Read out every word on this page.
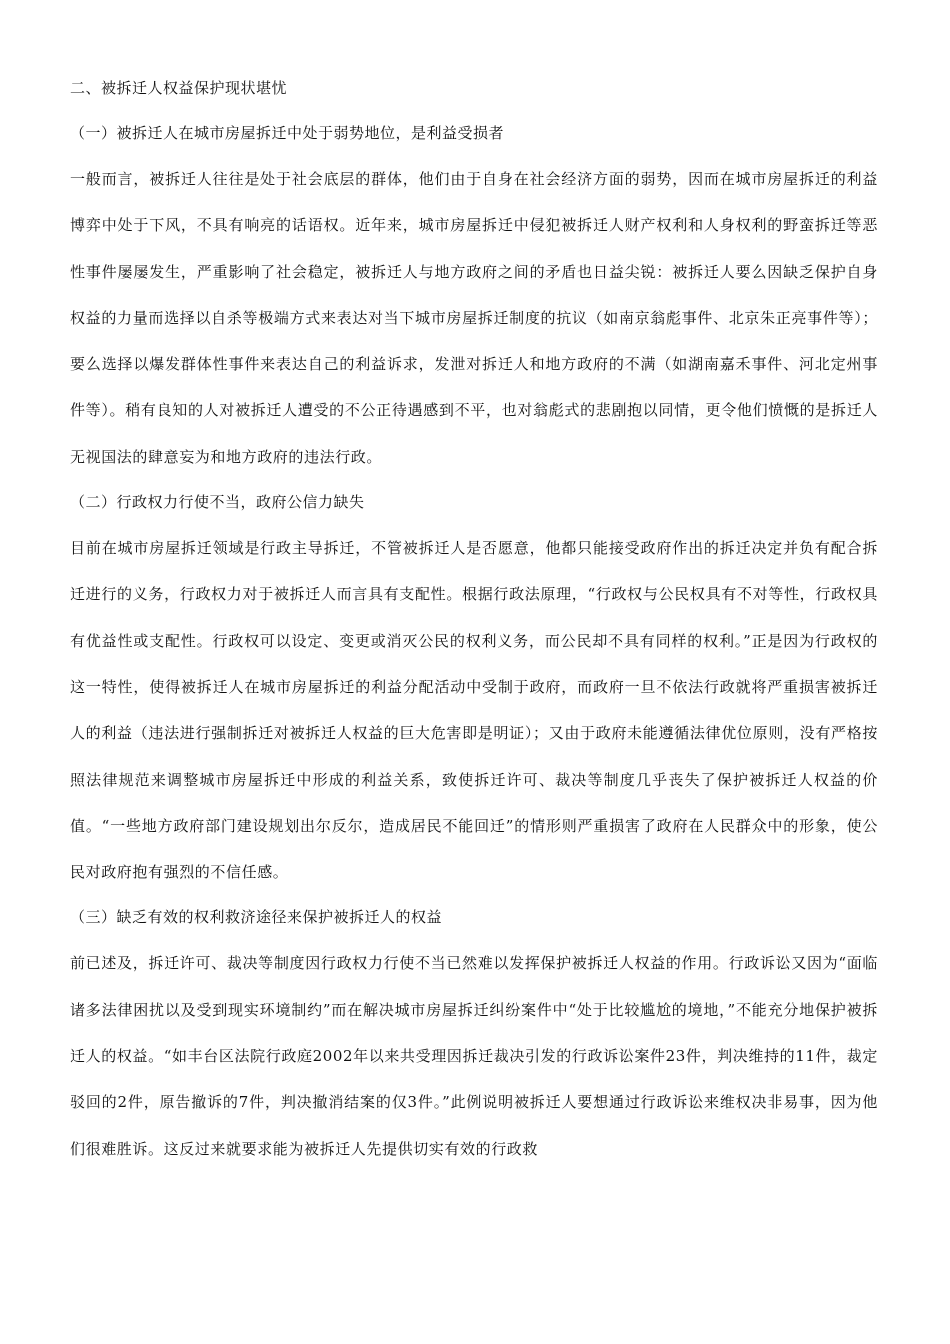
二、被拆迁人权益保护现状堪忧

（一）被拆迁人在城市房屋拆迁中处于弱势地位，是利益受损者

一般而言，被拆迁人往往是处于社会底层的群体，他们由于自身在社会经济方面的弱势，因而在城市房屋拆迁的利益博弈中处于下风，不具有响亮的话语权。近年来，城市房屋拆迁中侵犯被拆迁人财产权利和人身权利的野蛮拆迁等恶性事件屡屡发生，严重影响了社会稳定，被拆迁人与地方政府之间的矛盾也日益尖锐：被拆迁人要么因缺乏保护自身权益的力量而选择以自杀等极端方式来表达对当下城市房屋拆迁制度的抗议（如南京翁彪事件、北京朱正亮事件等）；要么选择以爆发群体性事件来表达自己的利益诉求，发泄对拆迁人和地方政府的不满（如湖南嘉禾事件、河北定州事件等）。稍有良知的人对被拆迁人遭受的不公正待遇感到不平，也对翁彪式的悲剧抱以同情，更令他们愤慨的是拆迁人无视国法的肆意妄为和地方政府的违法行政。

（二）行政权力行使不当，政府公信力缺失

目前在城市房屋拆迁领域是行政主导拆迁，不管被拆迁人是否愿意，他都只能接受政府作出的拆迁决定并负有配合拆迁进行的义务，行政权力对于被拆迁人而言具有支配性。根据行政法原理，“行政权与公民权具有不对等性，行政权具有优益性或支配性。行政权可以设定、变更或消灭公民的权利义务，而公民却不具有同样的权利。”正是因为行政权的这一特性，使得被拆迁人在城市房屋拆迁的利益分配活动中受制于政府，而政府一旦不依法行政就将严重损害被拆迁人的利益（违法进行强制拆迁对被拆迁人权益的巨大危害即是明证）；又由于政府未能遵循法律优位原则，没有严格按照法律规范来调整城市房屋拆迁中形成的利益关系，致使拆迁许可、裁决等制度几乎丧失了保护被拆迁人权益的价值。“一些地方政府部门建设规划出尔反尔，造成居民不能回迁”的情形则严重损害了政府在人民群众中的形象，使公民对政府抱有强烈的不信任感。

（三）缺乏有效的权利救济途径来保护被拆迁人的权益

前已述及，拆迁许可、裁决等制度因行政权力行使不当已然难以发挥保护被拆迁人权益的作用。行政诉讼又因为“面临诸多法律困扰以及受到现实环境制约”而在解决城市房屋拆迁纠纷案件中“处于比较尴尬的境地，”不能充分地保护被拆迁人的权益。“如丰台区法院行政庭2002年以来共受理因拆迁裁决引发的行政诉讼案件23件，判决维持的11件，裁定驳回的2件，原告撤诉的7件，判决撤消结案的仅3件。”此例说明被拆迁人要想通过行政诉讼来维权决非易事，因为他们很难胜诉。这反过来就要求能为被拆迁人先提供切实有效的行政救
